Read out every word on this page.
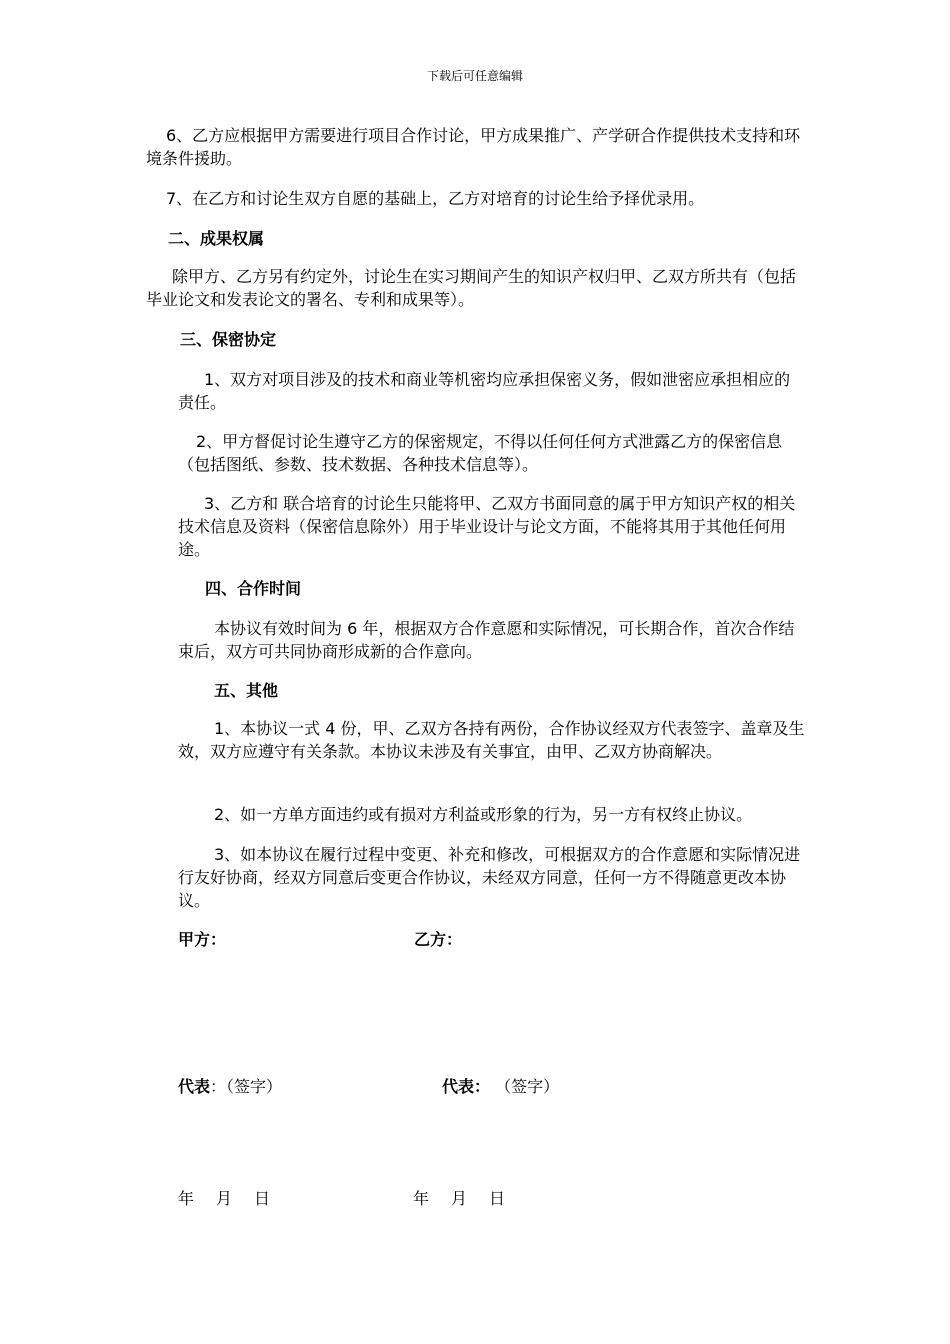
下载后可任意编辑

6、乙方应根据甲方需要进行项目合作讨论，甲方成果推广、产学研合作提供技术支持和环境条件援助。

7、在乙方和讨论生双方自愿的基础上，乙方对培育的讨论生给予择优录用。

二、成果权属

除甲方、乙方另有约定外，讨论生在实习期间产生的知识产权归甲、乙双方所共有（包括毕业论文和发表论文的署名、专利和成果等）。

三、保密协定

1、双方对项目涉及的技术和商业等机密均应承担保密义务，假如泄密应承担相应的责任。

2、甲方督促讨论生遵守乙方的保密规定，不得以任何任何方式泄露乙方的保密信息（包括图纸、参数、技术数据、各种技术信息等）。

3、乙方和 联合培育的讨论生只能将甲、乙双方书面同意的属于甲方知识产权的相关技术信息及资料（保密信息除外）用于毕业设计与论文方面，不能将其用于其他任何用途。

四、合作时间

本协议有效时间为 6 年，根据双方合作意愿和实际情况，可长期合作，首次合作结束后，双方可共同协商形成新的合作意向。

五、其他

1、本协议一式 4 份，甲、乙双方各持有两份，合作协议经双方代表签字、盖章及生效，双方应遵守有关条款。本协议未涉及有关事宜，由甲、乙双方协商解决。

2、如一方单方面违约或有损对方利益或形象的行为，另一方有权终止协议。

3、如本协议在履行过程中变更、补充和修改，可根据双方的合作意愿和实际情况进行友好协商，经双方同意后变更合作协议，未经双方同意，任何一方不得随意更改本协议。

甲方：	乙方：
代表：（签字）	代表： （签字）
年 月 日	年 月 日
